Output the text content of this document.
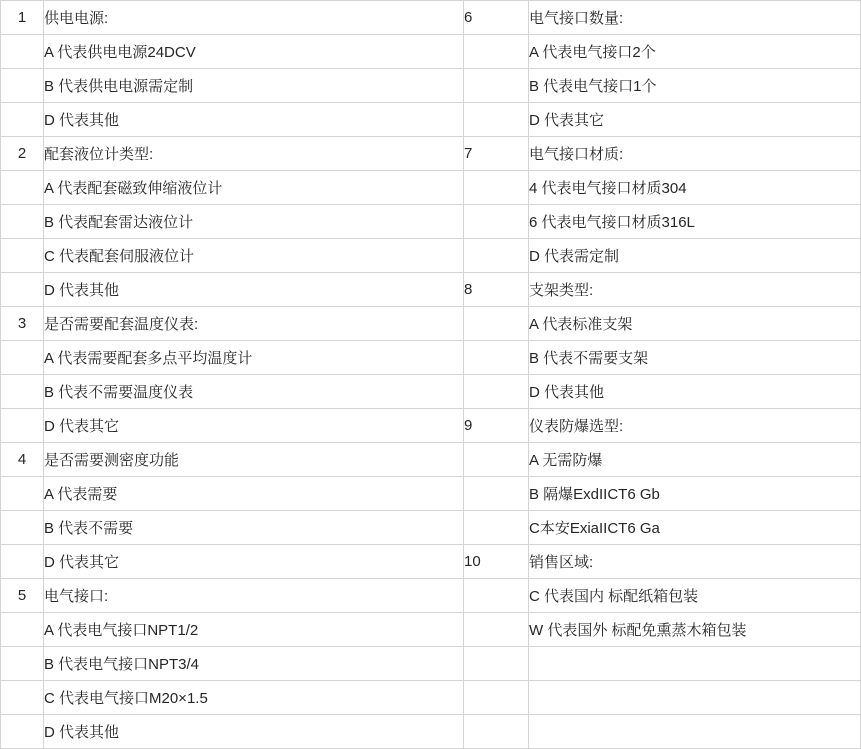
1	供电电源:	6	电气接口数量:
	A 代表供电电源24DCV		A 代表电气接口2个
	B 代表供电电源需定制		B 代表电气接口1个
	D 代表其他		D 代表其它
2	配套液位计类型:	7	电气接口材质:
	A 代表配套磁致伸缩液位计		4 代表电气接口材质304
	B 代表配套雷达液位计		6 代表电气接口材质316L
	C 代表配套伺服液位计		D 代表需定制
	D 代表其他	8	支架类型:
3	是否需要配套温度仪表:		A 代表标准支架
	A 代表需要配套多点平均温度计		B 代表不需要支架
	B 代表不需要温度仪表		D 代表其他
	D 代表其它	9	仪表防爆选型:
4	是否需要测密度功能		A 无需防爆
	A 代表需要		B 隔爆ExdIICT6 Gb
	B 代表不需要		C本安ExiaIICT6 Ga
	D 代表其它	10	销售区域:
5	电气接口:		C 代表国内 标配纸箱包装
	A 代表电气接口NPT1/2		W 代表国外 标配免熏蒸木箱包装
	B 代表电气接口NPT3/4		
	C 代表电气接口M20×1.5		
	D 代表其他		
